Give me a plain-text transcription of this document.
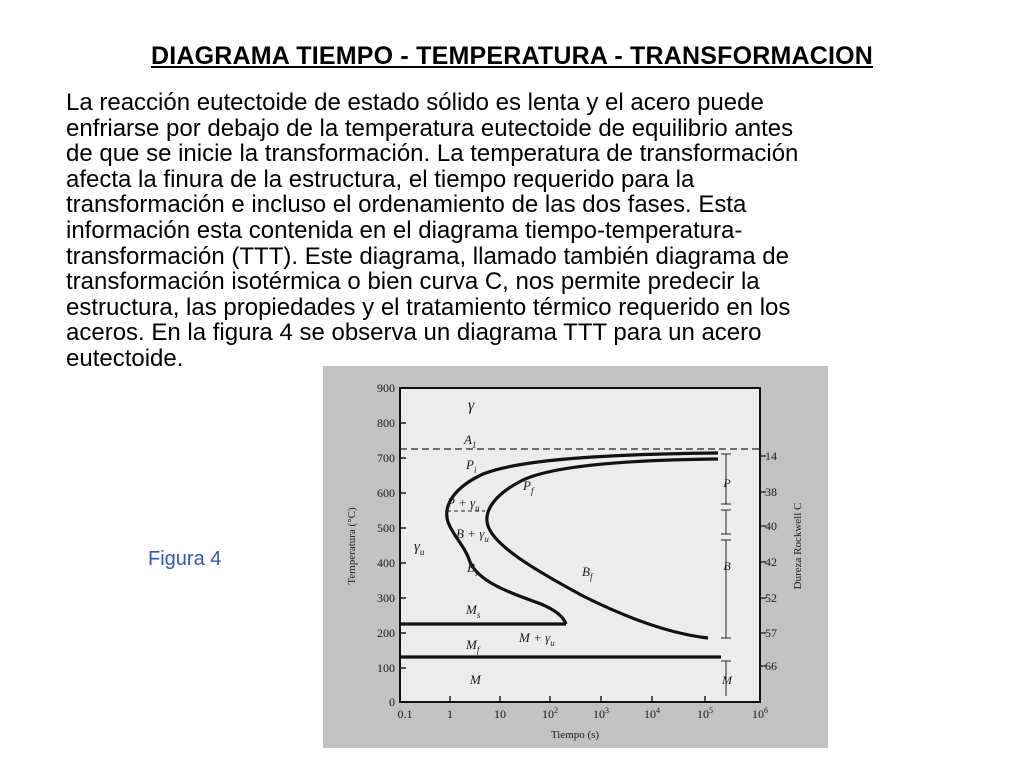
DIAGRAMA TIEMPO - TEMPERATURA - TRANSFORMACION

La reacción eutectoide de estado sólido es lenta y el acero puede
enfriarse por debajo de la temperatura eutectoide de equilibrio antes
de que se inicie la transformación. La temperatura de transformación
afecta la finura de la estructura, el tiempo requerido para la
transformación e incluso el ordenamiento de las dos fases. Esta
información esta contenida en el diagrama tiempo-temperatura-
transformación (TTT). Este diagrama, llamado también diagrama de
transformación isotérmica o bien curva C, nos permite predecir la
estructura, las propiedades y el tratamiento térmico requerido en los
aceros. En la figura 4 se observa un diagrama TTT para un acero
eutectoide.

Figura 4
900
800
700
600
500
400
300
200
100
0
Temperatura (°C)
0.1	1	10	$10^2$	$10^3$	$10^4$	$10^5$	$10^6$
Tiempo (s)
P
B
M
14
38
40
42
52
57
66
Dureza Rockwell C
γ
$A_1$
$P_i$
$P_f$
$P + \gamma_u$
$B + \gamma_u$
$\gamma_u$
$B_i$	$B_f$
$M_s$
$M_f$
$M + \gamma_u$
M
